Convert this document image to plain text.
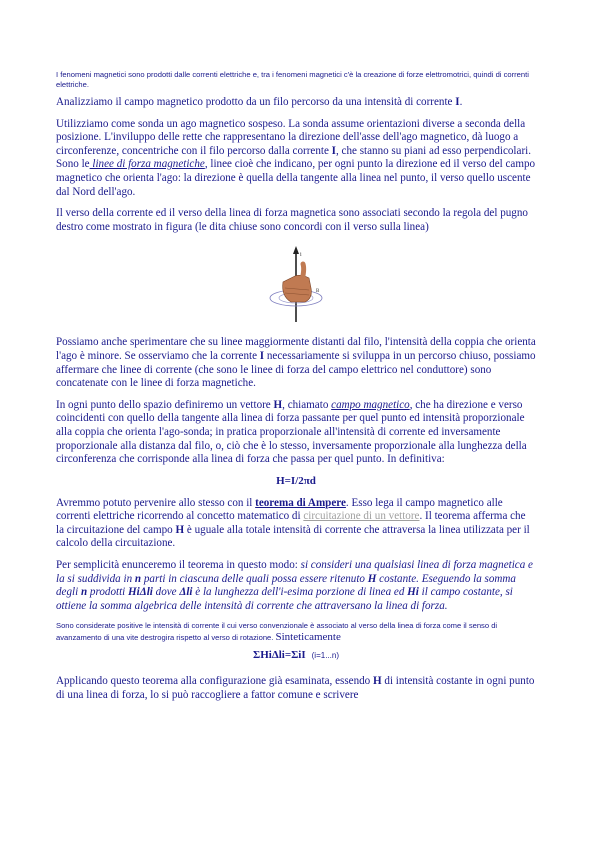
I fenomeni magnetici sono prodotti dalle correnti elettriche e, tra i fenomeni magnetici c'è la creazione di forze elettromotrici, quindi di correnti elettriche.

Analizziamo il campo magnetico prodotto da un filo percorso da una intensità di corrente I.

Utilizziamo come sonda un ago magnetico sospeso. La sonda assume orientazioni diverse a seconda della posizione. L'inviluppo delle rette che rappresentano la direzione dell'asse dell'ago magnetico, dà luogo a circonferenze, concentriche con il filo percorso dalla corrente I, che stanno su piani ad esso perpendicolari. Sono le linee di forza magnetiche, linee cioè che indicano, per ogni punto la direzione ed il verso del campo magnetico che orienta l'ago: la direzione è quella della tangente alla linea nel punto, il verso quello uscente dal Nord dell'ago.

Il verso della corrente ed il verso della linea di forza magnetica sono associati secondo la regola del pugno destro come mostrato in figura (le dita chiuse sono concordi con il verso sulla linea)

i
B

Possiamo anche sperimentare che su linee maggiormente distanti dal filo, l'intensità della coppia che orienta l'ago è minore. Se osserviamo che la corrente I necessariamente si sviluppa in un percorso chiuso, possiamo affermare che linee di corrente (che sono le linee di forza del campo elettrico nel conduttore) sono concatenate con le linee di forza magnetiche.

In ogni punto dello spazio definiremo un vettore H, chiamato campo magnetico, che ha direzione e verso coincidenti con quello della tangente alla linea di forza passante per quel punto ed intensità proporzionale alla coppia che orienta l'ago-sonda; in pratica proporzionale all'intensità di corrente ed inversamente proporzionale alla distanza dal filo, o, ciò che è lo stesso, inversamente proporzionale alla lunghezza della circonferenza che corrisponde alla linea di forza che passa per quel punto. In definitiva:

H=I/2πd

Avremmo potuto pervenire allo stesso con il teorema di Ampere. Esso lega il campo magnetico alle correnti elettriche ricorrendo al concetto matematico di circuitazione di un vettore. Il teorema afferma che la circuitazione del campo H è uguale alla totale intensità di corrente che attraversa la linea utilizzata per il calcolo della circuitazione.

Per semplicità enunceremo il teorema in questo modo: si consideri una qualsiasi linea di forza magnetica e la si suddivida in n parti in ciascuna delle quali possa essere ritenuto H costante. Eseguendo la somma degli n prodotti HiΔli dove Δli è la lunghezza dell'i-esima porzione di linea ed Hi il campo costante, si ottiene la somma algebrica delle intensità di corrente che attraversano la linea di forza.

Sono considerate positive le intensità di corrente il cui verso convenzionale è associato al verso della linea di forza come il senso di avanzamento di una vite destrogira rispetto al verso di rotazione. Sinteticamente

ΣHiΔli=ΣiI (i=1...n)

Applicando questo teorema alla configurazione già esaminata, essendo H di intensità costante in ogni punto di una linea di forza, lo si può raccogliere a fattor comune e scrivere
